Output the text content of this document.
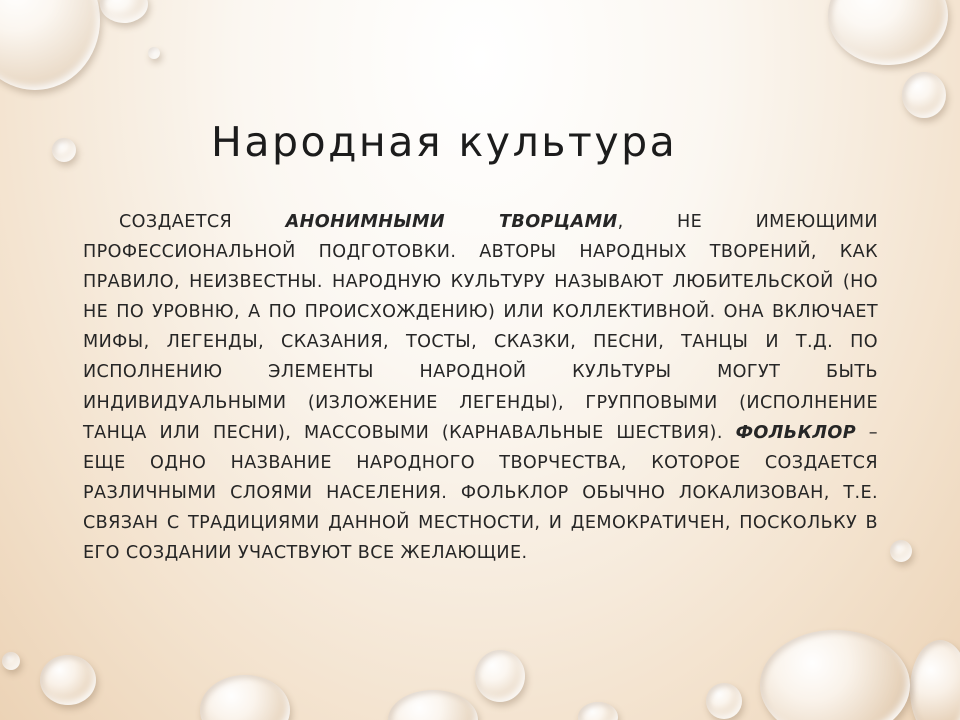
Народная культура

СОЗДАЕТСЯ АНОНИМНЫМИ ТВОРЦАМИ, НЕ ИМЕЮЩИМИ ПРОФЕССИОНАЛЬНОЙ ПОДГОТОВКИ. АВТОРЫ НАРОДНЫХ ТВОРЕНИЙ, КАК ПРАВИЛО, НЕИЗВЕСТНЫ. НАРОДНУЮ КУЛЬТУРУ НАЗЫВАЮТ ЛЮБИТЕЛЬСКОЙ (НО НЕ ПО УРОВНЮ, А ПО ПРОИСХОЖДЕНИЮ) ИЛИ КОЛЛЕКТИВНОЙ. ОНА ВКЛЮЧАЕТ МИФЫ, ЛЕГЕНДЫ, СКАЗАНИЯ, ТОСТЫ, СКАЗКИ, ПЕСНИ, ТАНЦЫ И Т.Д. ПО ИСПОЛНЕНИЮ ЭЛЕМЕНТЫ НАРОДНОЙ КУЛЬТУРЫ МОГУТ БЫТЬ ИНДИВИДУАЛЬНЫМИ (ИЗЛОЖЕНИЕ ЛЕГЕНДЫ), ГРУППОВЫМИ (ИСПОЛНЕНИЕ ТАНЦА ИЛИ ПЕСНИ), МАССОВЫМИ (КАРНАВАЛЬНЫЕ ШЕСТВИЯ). ФОЛЬКЛОР – ЕЩЕ ОДНО НАЗВАНИЕ НАРОДНОГО ТВОРЧЕСТВА, КОТОРОЕ СОЗДАЕТСЯ РАЗЛИЧНЫМИ СЛОЯМИ НАСЕЛЕНИЯ. ФОЛЬКЛОР ОБЫЧНО ЛОКАЛИЗОВАН, Т.Е. СВЯЗАН С ТРАДИЦИЯМИ ДАННОЙ МЕСТНОСТИ, И ДЕМОКРАТИЧЕН, ПОСКОЛЬКУ В ЕГО СОЗДАНИИ УЧАСТВУЮТ ВСЕ ЖЕЛАЮЩИЕ.
